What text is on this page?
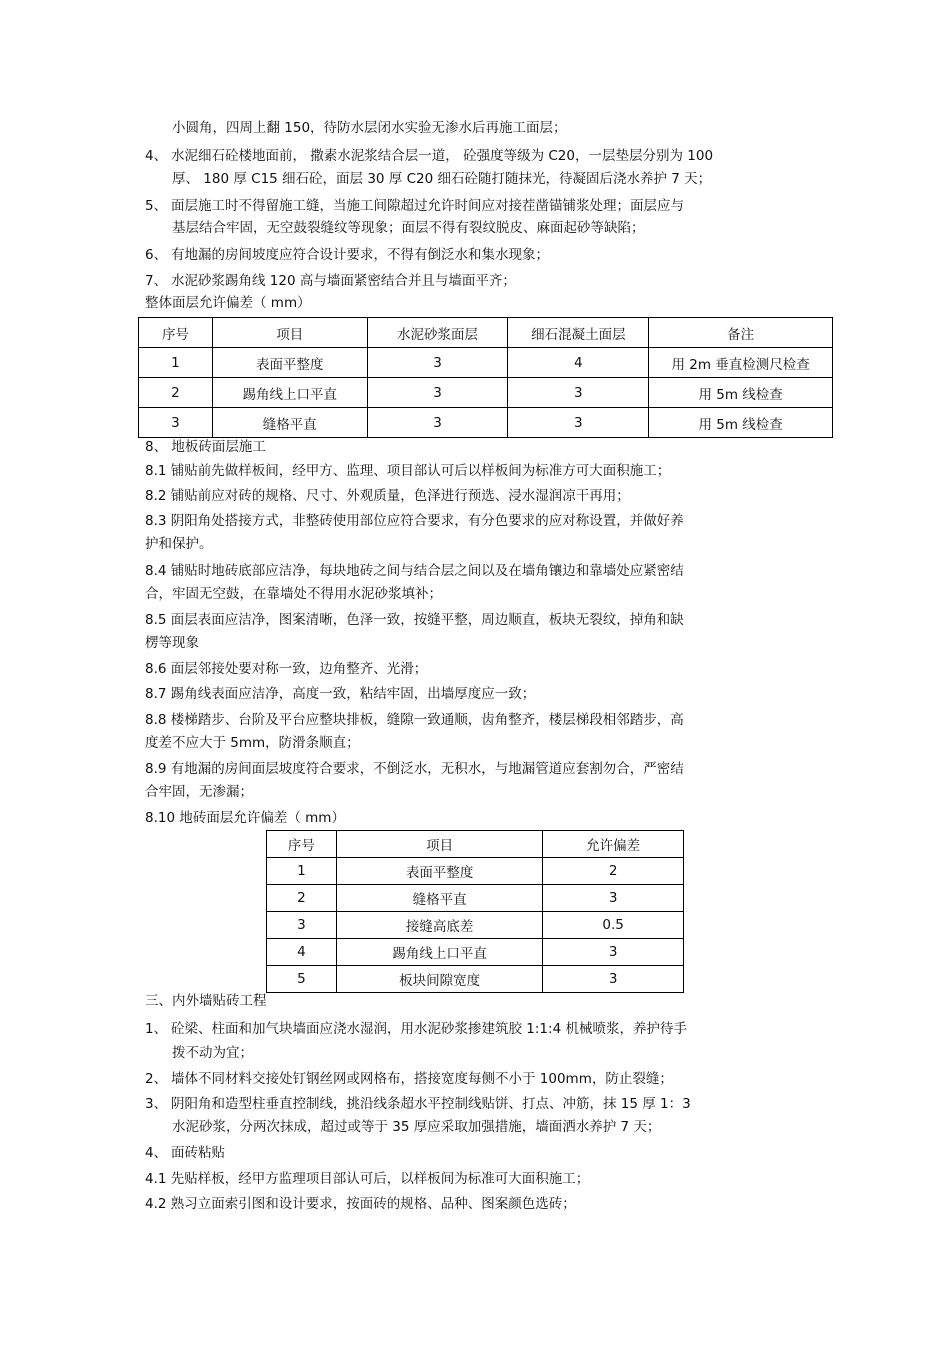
小圆角，四周上翻 150，待防水层闭水实验无渗水后再施工面层；
4、 水泥细石砼楼地面前， 撒素水泥浆结合层一道， 砼强度等级为 C20，一层垫层分别为 100
厚、 180 厚 C15 细石砼，面层 30 厚 C20 细石砼随打随抹光，待凝固后浇水养护 7 天；
5、 面层施工时不得留施工缝，当施工间隙超过允许时间应对接茬凿锚铺浆处理；面层应与
基层结合牢固，无空鼓裂缝纹等现象；面层不得有裂纹脱皮、麻面起砂等缺陷；
6、 有地漏的房间坡度应符合设计要求，不得有倒泛水和集水现象；
7、 水泥砂浆踢角线 120 高与墙面紧密结合并且与墙面平齐；
整体面层允许偏差（ mm）
序号	项目	水泥砂浆面层	细石混凝土面层	备注
1	表面平整度	3	4	用 2m 垂直检测尺检查
2	踢角线上口平直	3	3	用 5m 线检查
3	缝格平直	3	3	用 5m 线检查
8、 地板砖面层施工
8.1 铺贴前先做样板间，经甲方、监理、项目部认可后以样板间为标准方可大面积施工；
8.2 铺贴前应对砖的规格、尺寸、外观质量，色泽进行预选、浸水湿润凉干再用；
8.3 阴阳角处搭接方式，非整砖使用部位应符合要求，有分色要求的应对称设置，并做好养
护和保护。
8.4 铺贴时地砖底部应洁净，每块地砖之间与结合层之间以及在墙角镶边和靠墙处应紧密结
合，牢固无空鼓，在靠墙处不得用水泥砂浆填补；
8.5 面层表面应洁净，图案清晰，色泽一致，按缝平整，周边顺直，板块无裂纹，掉角和缺
楞等现象
8.6 面层邻接处要对称一致，边角整齐、光滑；
8.7 踢角线表面应洁净，高度一致，粘结牢固，出墙厚度应一致；
8.8 楼梯踏步、台阶及平台应整块排板，缝隙一致通顺，齿角整齐，楼层梯段相邻踏步，高
度差不应大于 5mm，防滑条顺直；
8.9 有地漏的房间面层坡度符合要求，不倒泛水，无积水，与地漏管道应套割勿合，严密结
合牢固，无渗漏；
8.10 地砖面层允许偏差（ mm）
序号	项目	允许偏差
1	表面平整度	2
2	缝格平直	3
3	接缝高底差	0.5
4	踢角线上口平直	3
5	板块间隙宽度	3
三、内外墙贴砖工程
1、 砼梁、柱面和加气块墙面应浇水湿润，用水泥砂浆掺建筑胶 1:1:4 机械喷浆，养护待手
拨不动为宜；
2、 墙体不同材料交接处钉钢丝网或网格布，搭接宽度每侧不小于 100mm，防止裂缝；
3、 阴阳角和造型柱垂直控制线，挑沿线条超水平控制线贴饼、打点、冲筋，抹 15 厚 1：3
水泥砂浆，分两次抹成，超过或等于 35 厚应采取加强措施，墙面洒水养护 7 天；
4、 面砖粘贴
4.1 先贴样板，经甲方监理项目部认可后，以样板间为标准可大面积施工；
4.2 熟习立面索引图和设计要求，按面砖的规格、品种、图案颜色选砖；
